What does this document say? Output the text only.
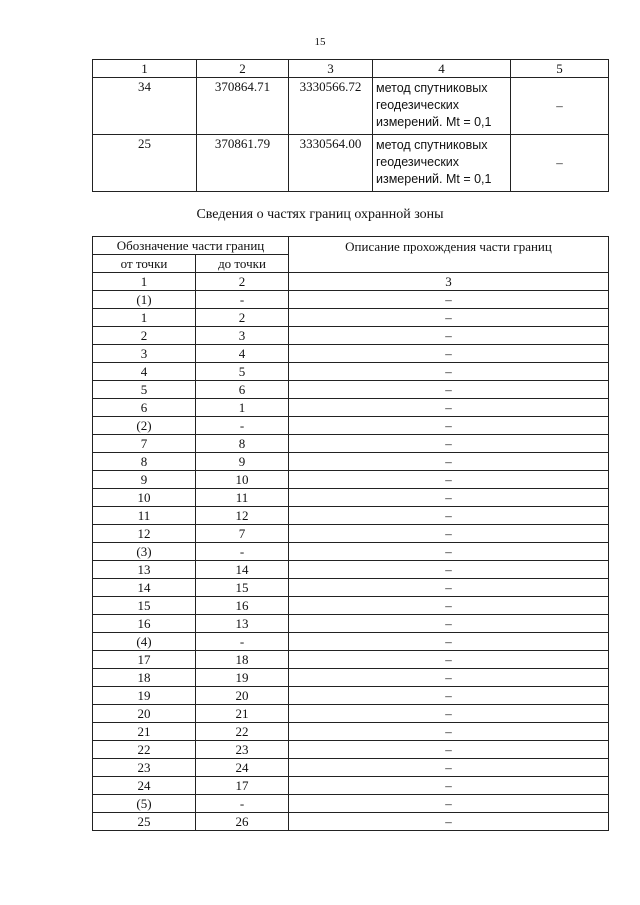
15
1	2	3	4	5
34	370864.71	3330566.72	метод спутниковых
геодезических
измерений. Mt = 0,1	–
25	370861.79	3330564.00	метод спутниковых
геодезических
измерений. Mt = 0,1	–
Сведения о частях границ охранной зоны
Обозначение части границ		Описание прохождения части границ
от точки	до точки	
1	2	3
(1)	-	–
1	2	–
2	3	–
3	4	–
4	5	–
5	6	–
6	1	–
(2)	-	–
7	8	–
8	9	–
9	10	–
10	11	–
11	12	–
12	7	–
(3)	-	–
13	14	–
14	15	–
15	16	–
16	13	–
(4)	-	–
17	18	–
18	19	–
19	20	–
20	21	–
21	22	–
22	23	–
23	24	–
24	17	–
(5)	-	–
25	26	–
